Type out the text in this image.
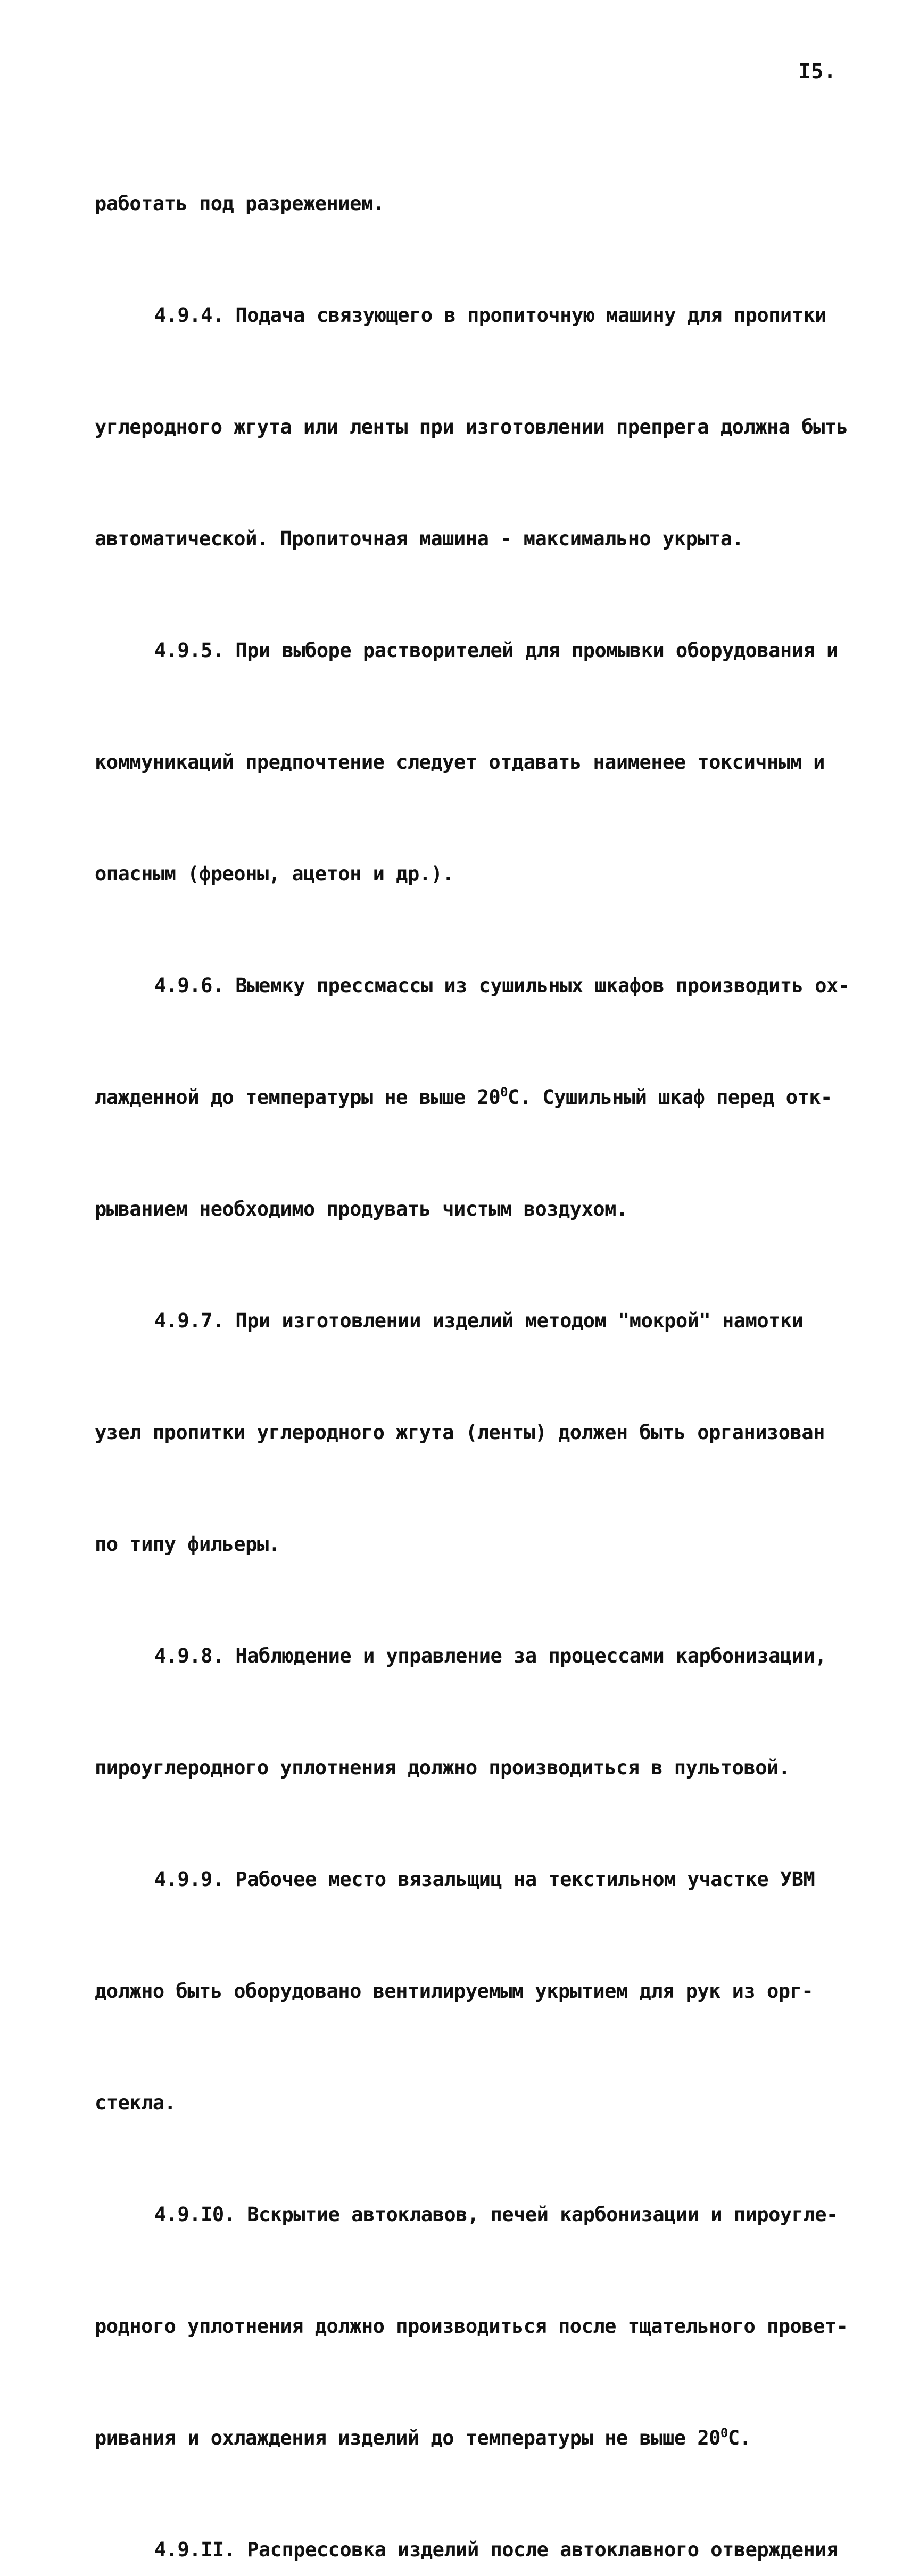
I5.

работать под разрежением.

4.9.4. Подача связующего в пропиточную машину для пропитки

углеродного жгута или ленты при изготовлении препрега должна быть

автоматической. Пропиточная машина - максимально укрыта.

4.9.5. При выборе растворителей для промывки оборудования и

коммуникаций предпочтение следует отдавать наименее токсичным и

опасным (фреоны, ацетон и др.).

4.9.6. Выемку прессмассы из сушильных шкафов производить ох-

лажденной до температуры не выше $20^0С$. Сушильный шкаф перед отк-

рыванием необходимо продувать чистым воздухом.

4.9.7. При изготовлении изделий методом "мокрой" намотки

узел пропитки углеродного жгута (ленты) должен быть организован

по типу фильеры.

4.9.8. Наблюдение и управление за процессами карбонизации,

пироуглеродного уплотнения должно производиться в пультовой.

4.9.9. Рабочее место вязальщиц на текстильном участке УВМ

должно быть оборудовано вентилируемым укрытием для рук из орг-

стекла.

4.9.I0. Вскрытие автоклавов, печей карбонизации и пироугле-

родного уплотнения должно производиться после тщательного провет-

ривания и охлаждения изделий до температуры не выше $20^0С$.

4.9.II. Распрессовка изделий после автоклавного отверждения
